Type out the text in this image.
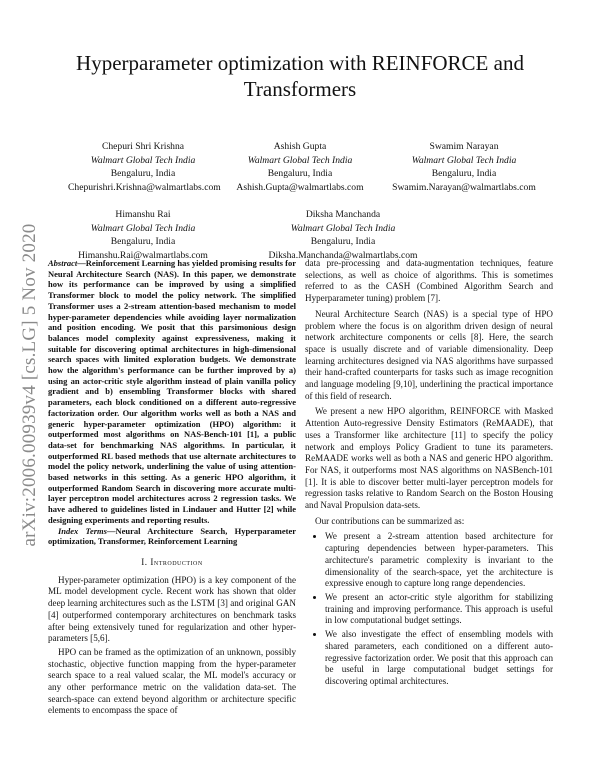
arXiv:2006.00939v4 [cs.LG] 5 Nov 2020
Hyperparameter optimization with REINFORCE and Transformers
Chepuri Shri Krishna
Walmart Global Tech India
Bengaluru, India
Chepurishri.Krishna@walmartlabs.com
Ashish Gupta
Walmart Global Tech India
Bengaluru, India
Ashish.Gupta@walmartlabs.com
Swamim Narayan
Walmart Global Tech India
Bengaluru, India
Swamim.Narayan@walmartlabs.com
Himanshu Rai
Walmart Global Tech India
Bengaluru, India
Himanshu.Rai@walmartlabs.com
Diksha Manchanda
Walmart Global Tech India
Bengaluru, India
Diksha.Manchanda@walmartlabs.com

Abstract—Reinforcement Learning has yielded promising results for Neural Architecture Search (NAS). In this paper, we demonstrate how its performance can be improved by using a simplified Transformer block to model the policy network. The simplified Transformer uses a 2-stream attention-based mechanism to model hyper-parameter dependencies while avoiding layer normalization and position encoding. We posit that this parsimonious design balances model complexity against expressiveness, making it suitable for discovering optimal architectures in high-dimensional search spaces with limited exploration budgets. We demonstrate how the algorithm's performance can be further improved by a) using an actor-critic style algorithm instead of plain vanilla policy gradient and b) ensembling Transformer blocks with shared parameters, each block conditioned on a different auto-regressive factorization order. Our algorithm works well as both a NAS and generic hyper-parameter optimization (HPO) algorithm: it outperformed most algorithms on NAS-Bench-101 [1], a public data-set for benchmarking NAS algorithms. In particular, it outperformed RL based methods that use alternate architectures to model the policy network, underlining the value of using attention-based networks in this setting. As a generic HPO algorithm, it outperformed Random Search in discovering more accurate multi-layer perceptron model architectures across 2 regression tasks. We have adhered to guidelines listed in Lindauer and Hutter [2] while designing experiments and reporting results.

Index Terms—Neural Architecture Search, Hyperparameter optimization, Transformer, Reinforcement Learning

I. Introduction

Hyper-parameter optimization (HPO) is a key component of the ML model development cycle. Recent work has shown that older deep learning architectures such as the LSTM [3] and original GAN [4] outperformed contemporary architectures on benchmark tasks after being extensively tuned for regularization and other hyper-parameters [5,6].

HPO can be framed as the optimization of an unknown, possibly stochastic, objective function mapping from the hyper-parameter search space to a real valued scalar, the ML model's accuracy or any other performance metric on the validation data-set. The search-space can extend beyond algorithm or architecture specific elements to encompass the space of

data pre-processing and data-augmentation techniques, feature selections, as well as choice of algorithms. This is sometimes referred to as the CASH (Combined Algorithm Search and Hyperparameter tuning) problem [7].

Neural Architecture Search (NAS) is a special type of HPO problem where the focus is on algorithm driven design of neural network architecture components or cells [8]. Here, the search space is usually discrete and of variable dimensionality. Deep learning architectures designed via NAS algorithms have surpassed their hand-crafted counterparts for tasks such as image recognition and language modeling [9,10], underlining the practical importance of this field of research.

We present a new HPO algorithm, REINFORCE with Masked Attention Auto-regressive Density Estimators (ReMAADE), that uses a Transformer like architecture [11] to specify the policy network and employs Policy Gradient to tune its parameters. ReMAADE works well as both a NAS and generic HPO algorithm. For NAS, it outperforms most NAS algorithms on NASBench-101 [1]. It is able to discover better multi-layer perceptron models for regression tasks relative to Random Search on the Boston Housing and Naval Propulsion data-sets.

Our contributions can be summarized as:

• We present a 2-stream attention based architecture for capturing dependencies between hyper-parameters. This architecture's parametric complexity is invariant to the dimensionality of the search-space, yet the architecture is expressive enough to capture long range dependencies.
• We present an actor-critic style algorithm for stabilizing training and improving performance. This approach is useful in low computational budget settings.
• We also investigate the effect of ensembling models with shared parameters, each conditioned on a different auto-regressive factorization order. We posit that this approach can be useful in large computational budget settings for discovering optimal architectures.
